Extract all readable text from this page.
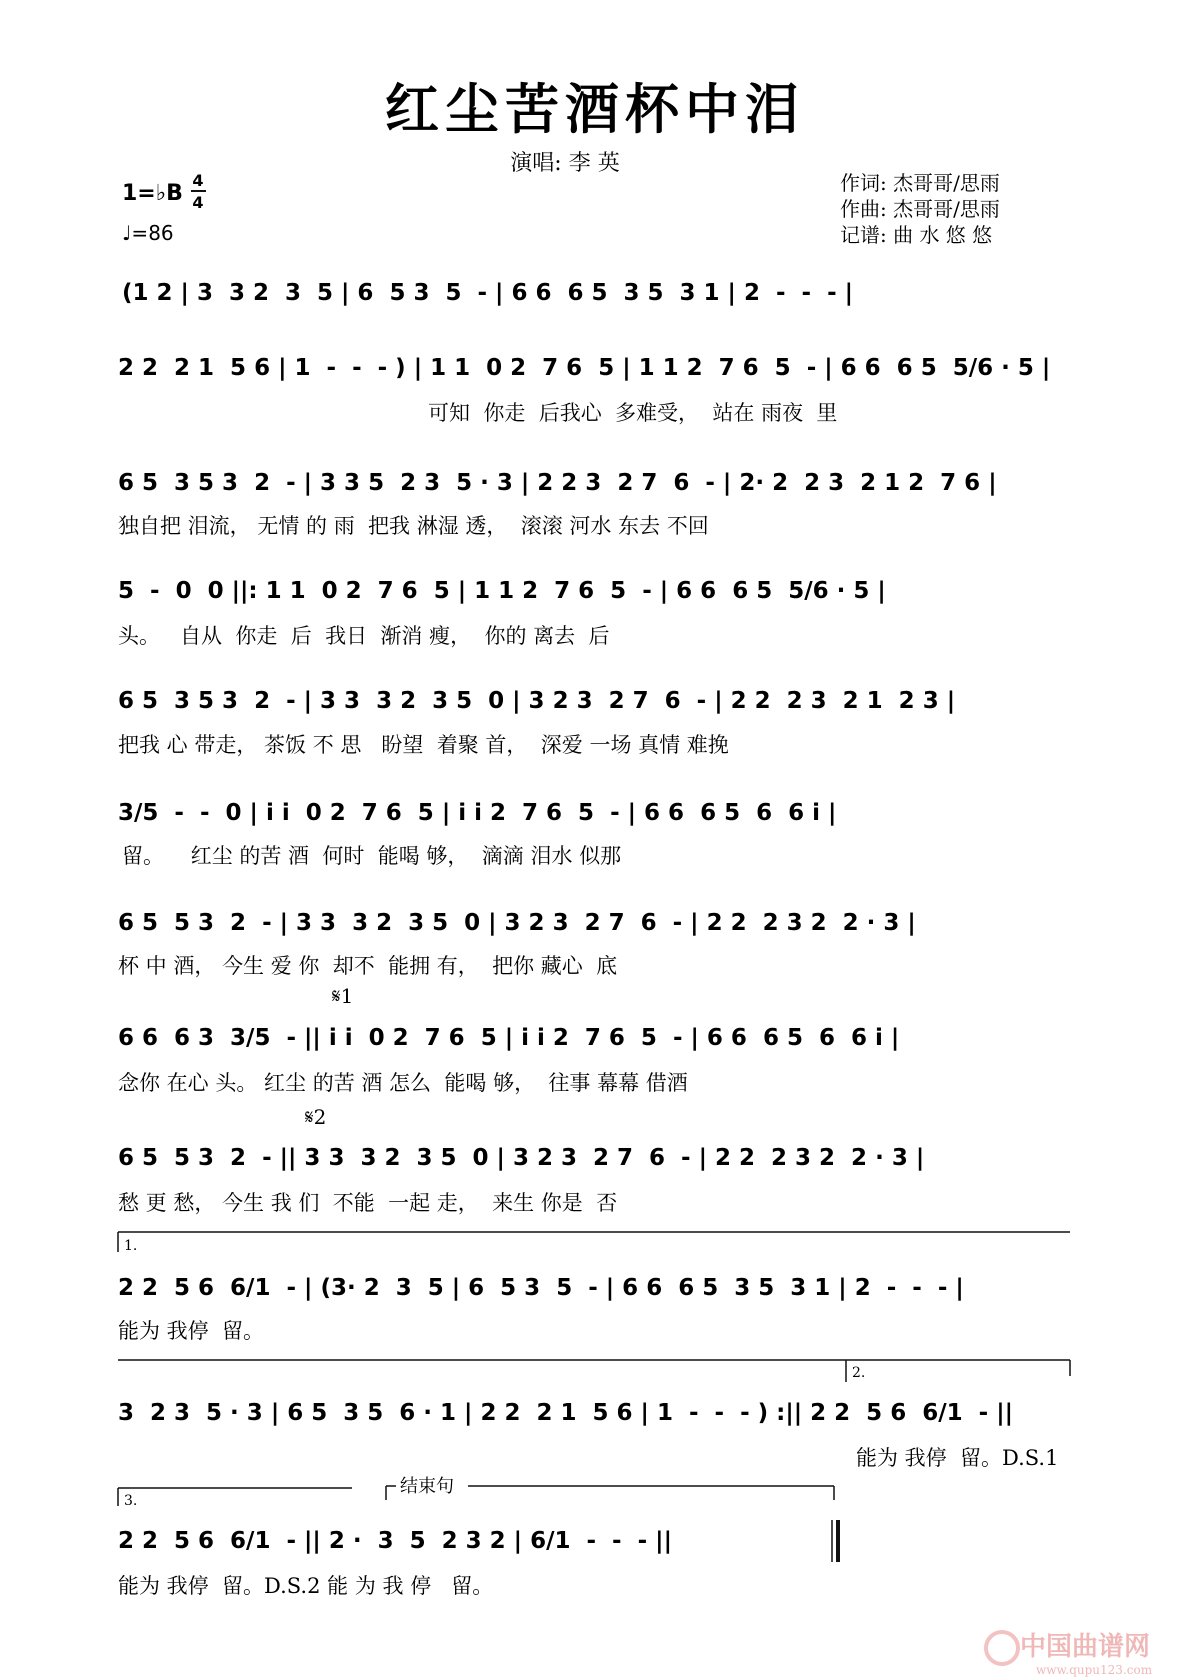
红尘苦酒杯中泪
演唱: 李 英
1=♭B
4
4
♩=86
作词: 杰哥哥/思雨
作曲: 杰哥哥/思雨
记谱: 曲 水 悠 悠
(1 2 | 3  3 2  3  5 | 6  5 3  5  - | 6 6  6 5  3 5  3 1 | 2  -  -  - |
2 2  2 1  5 6 | 1  -  -  - ) | 1 1  0 2  7 6  5 | 1 1 2  7 6  5  - | 6 6  6 5  5/6 · 5 |
可知  你走  后我心  多难受，  站在 雨夜  里
6 5  3 5 3  2  - | 3 3 5  2 3  5 · 3 | 2 2 3  2 7  6  - | 2· 2  2 3  2 1 2  7 6 |
独自把 泪流， 无情 的 雨  把我 淋湿 透，  滚滚 河水 东去 不回
5  -  0  0 ||: 1 1  0 2  7 6  5 | 1 1 2  7 6  5  - | 6 6  6 5  5/6 · 5 |
头。   自从  你走  后  我日  渐消 瘦，  你的 离去  后
6 5  3 5 3  2  - | 3 3  3 2  3 5  0 | 3 2 3  2 7  6  - | 2 2  2 3  2 1  2 3 |
把我 心 带走， 茶饭 不 思   盼望  着聚 首，  深爱 一场 真情 难挽
3/5  -  -  0 | i i  0 2  7 6  5 | i i 2  7 6  5  - | 6 6  6 5  6  6 i |
留。    红尘 的苦 酒  何时  能喝 够，  滴滴 泪水 似那
6 5  5 3  2  - | 3 3  3 2  3 5  0 | 3 2 3  2 7  6  - | 2 2  2 3 2  2 · 3 |
杯 中 酒， 今生 爱 你  却不  能拥 有，  把你 藏心  底
𝄋1
6 6  6 3  3/5  - || i i  0 2  7 6  5 | i i 2  7 6  5  - | 6 6  6 5  6  6 i |
念你 在心 头。 红尘 的苦 酒 怎么  能喝 够，  往事 幕幕 借酒
𝄋2
6 5  5 3  2  - || 3 3  3 2  3 5  0 | 3 2 3  2 7  6  - | 2 2  2 3 2  2 · 3 |
愁 更 愁， 今生 我 们  不能  一起 走，  来生 你是  否
1.
2 2  5 6  6/1  - | (3· 2  3  5 | 6  5 3  5  - | 6 6  6 5  3 5  3 1 | 2  -  -  - |
能为 我停  留。
2.
3  2 3  5 · 3 | 6 5  3 5  6 · 1 | 2 2  2 1  5 6 | 1  -  -  - ) :|| 2 2  5 6  6/1  - ||
能为 我停  留。D.S.1
3.
结束句
2 2  5 6  6/1  - || 2 ·  3  5  2 3 2 | 6/1  -  -  - ||
能为 我停  留。D.S.2 能 为 我 停   留。
中国曲谱网
www.qupu123.com
